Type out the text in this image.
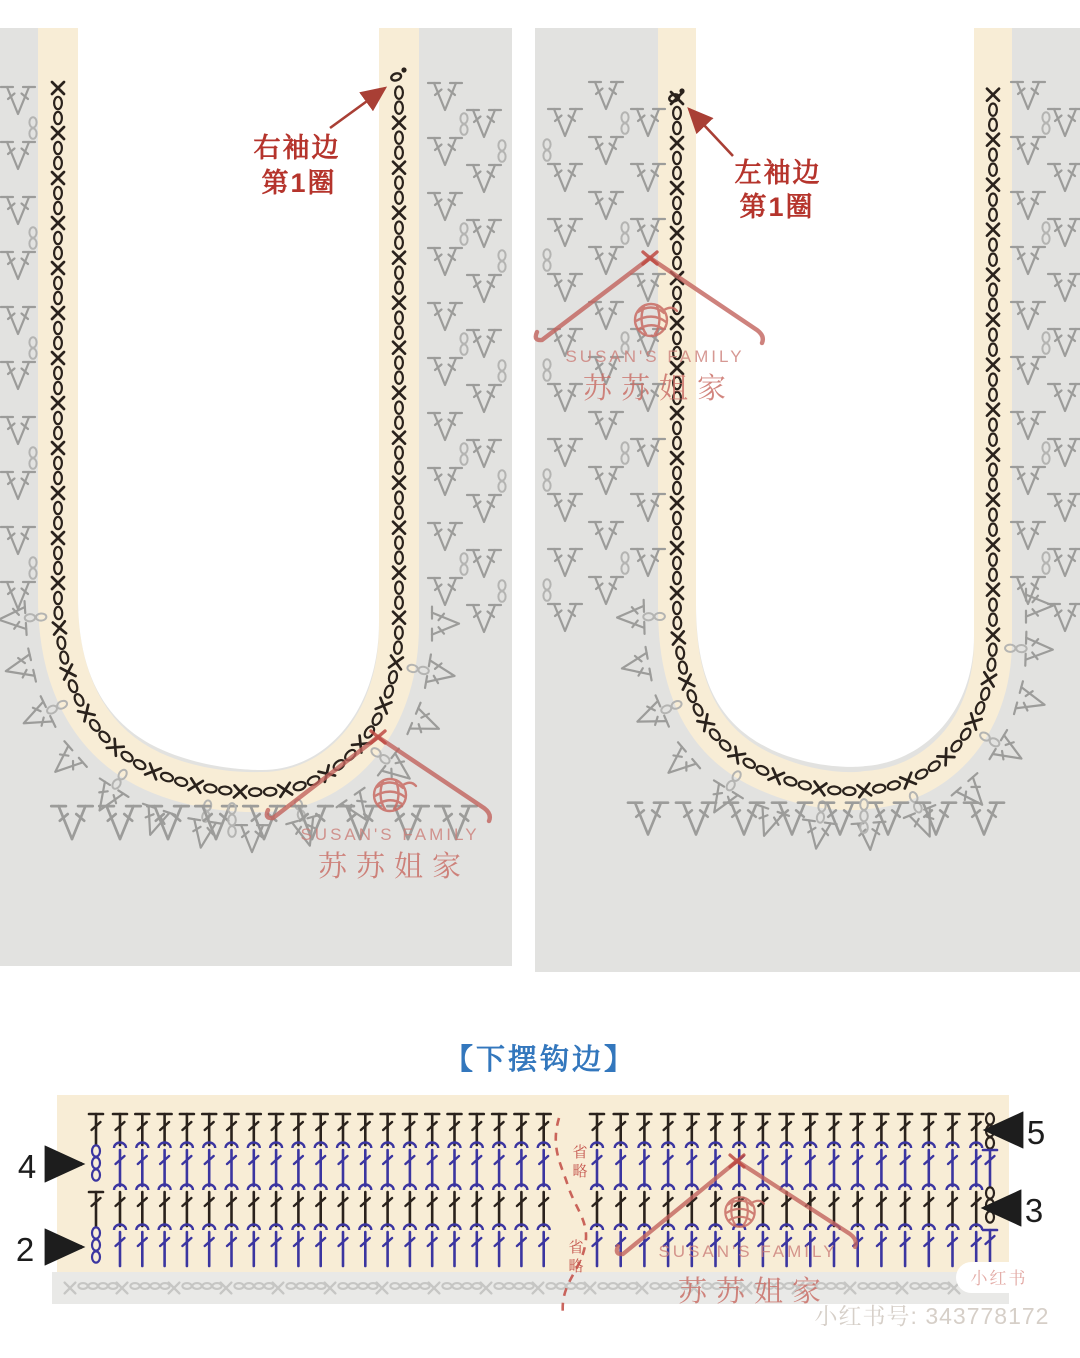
右袖边
第1圈	左袖边
第1圈
SUSAN'S FAMILY
苏苏姐家
SUSAN'S FAMILY
苏苏姐家
【下摆钩边】
4
2
5
3
省
略
省
略
SUSAN'S FAMILY
苏苏姐家	小红书
小红书号: 343778172
